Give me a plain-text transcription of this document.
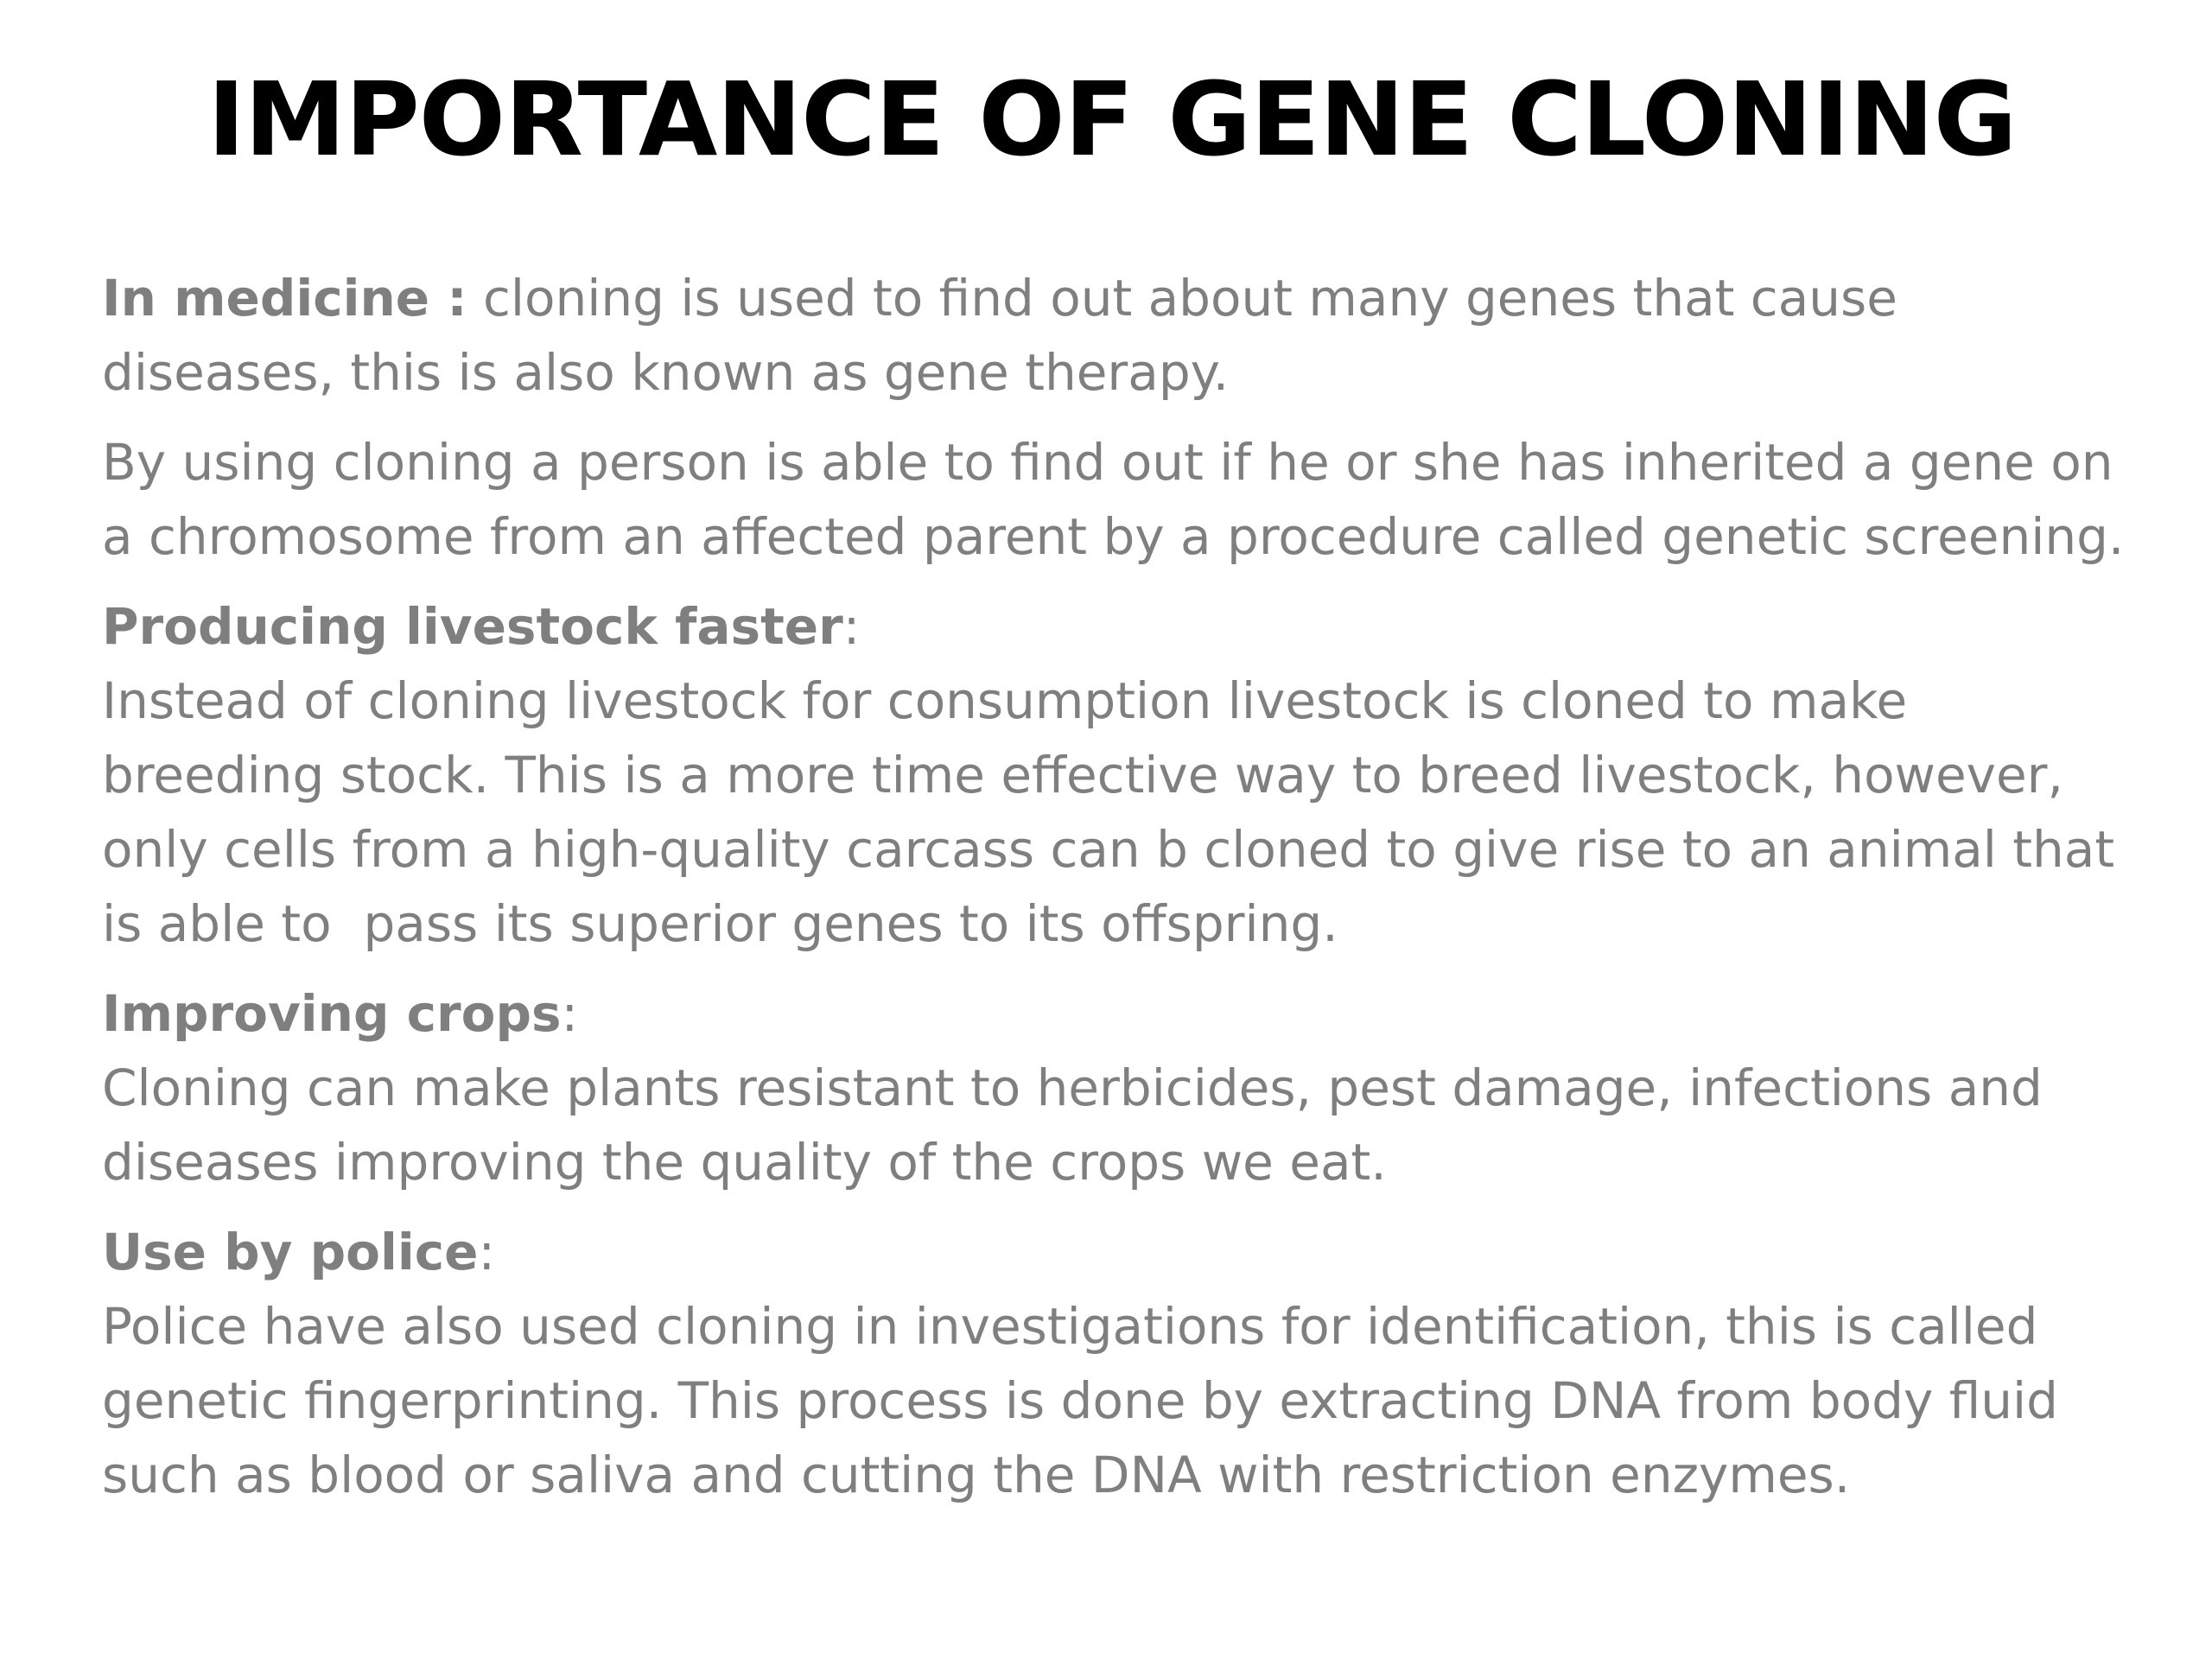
IMPORTANCE OF GENE CLONING

In medicine : cloning is used to find out about many genes that cause
diseases, this is also known as gene therapy.

By using cloning a person is able to find out if he or she has inherited a gene on
a chromosome from an affected parent by a procedure called genetic screening.

Producing livestock faster:
Instead of cloning livestock for consumption livestock is cloned to make
breeding stock. This is a more time effective way to breed livestock, however,
only cells from a high-quality carcass can b cloned to give rise to an animal that
is able to  pass its superior genes to its offspring.

Improving crops:
Cloning can make plants resistant to herbicides, pest damage, infections and
diseases improving the quality of the crops we eat.

Use by police:
Police have also used cloning in investigations for identification, this is called
genetic fingerprinting. This process is done by extracting DNA from body fluid
such as blood or saliva and cutting the DNA with restriction enzymes.
